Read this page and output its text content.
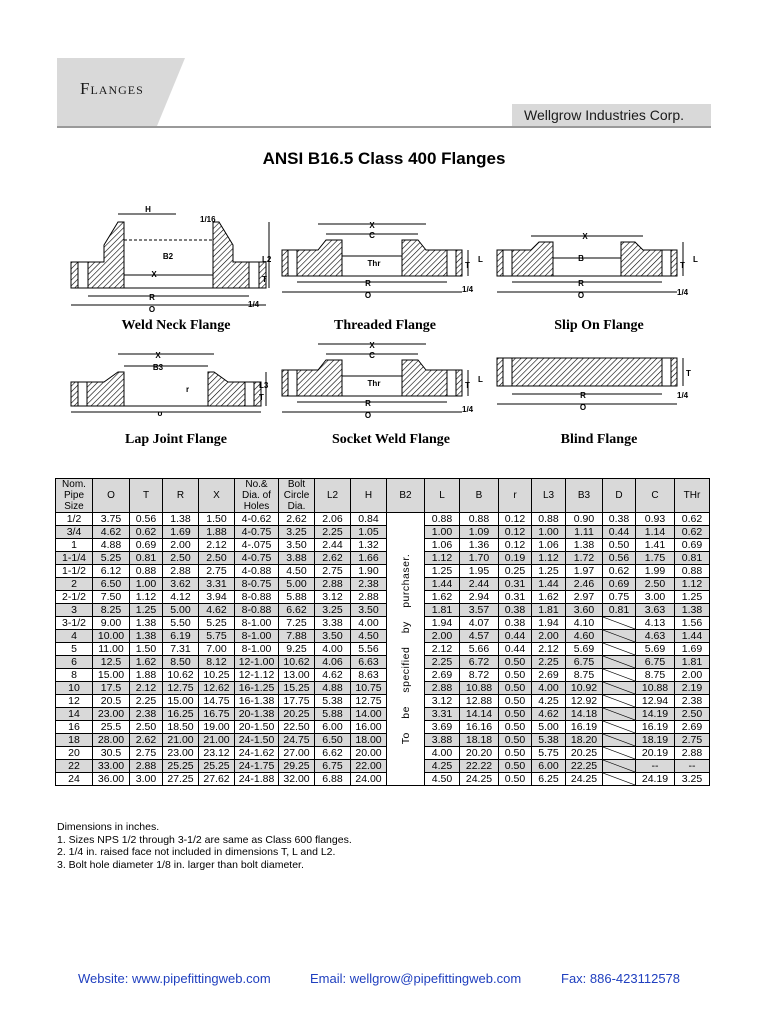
Flanges
Wellgrow Industries Corp.
ANSI B16.5 Class 400 Flanges
H
1/16
B2
X
L2
T
R
O
1/4
Weld Neck Flange
X
C
Thr	T
L
R
O
1/4
Threaded Flange
X
B
T
L
R
O	1/4
Slip On Flange
X
B3
r	L3
T
o
Lap Joint Flange
X
C
Thr	T
L
R
O
1/4
Socket Weld Flange
T
R
O
1/4
Blind Flange
Nom. Pipe Size	O	T	R	X	No.& Dia. of Holes	Bolt Circle Dia.	L2	H	B2	L	B	r	L3	B3	D	C	THr
1/2	3.75	0.56	1.38	1.50	4-0.62	2.62	2.06	0.84	To be specified by purchaser.	0.88	0.88	0.12	0.88	0.90	0.38	0.93	0.62
3/4	4.62	0.62	1.69	1.88	4-0.75	3.25	2.25	1.05		1.00	1.09	0.12	1.00	1.11	0.44	1.14	0.62
1	4.88	0.69	2.00	2.12	4-.075	3.50	2.44	1.32		1.06	1.36	0.12	1.06	1.38	0.50	1.41	0.69
1-1/4	5.25	0.81	2.50	2.50	4-0.75	3.88	2.62	1.66		1.12	1.70	0.19	1.12	1.72	0.56	1.75	0.81
1-1/2	6.12	0.88	2.88	2.75	4-0.88	4.50	2.75	1.90		1.25	1.95	0.25	1.25	1.97	0.62	1.99	0.88
2	6.50	1.00	3.62	3.31	8-0.75	5.00	2.88	2.38		1.44	2.44	0.31	1.44	2.46	0.69	2.50	1.12
2-1/2	7.50	1.12	4.12	3.94	8-0.88	5.88	3.12	2.88		1.62	2.94	0.31	1.62	2.97	0.75	3.00	1.25
3	8.25	1.25	5.00	4.62	8-0.88	6.62	3.25	3.50		1.81	3.57	0.38	1.81	3.60	0.81	3.63	1.38
3-1/2	9.00	1.38	5.50	5.25	8-1.00	7.25	3.38	4.00		1.94	4.07	0.38	1.94	4.10		4.13	1.56
4	10.00	1.38	6.19	5.75	8-1.00	7.88	3.50	4.50		2.00	4.57	0.44	2.00	4.60		4.63	1.44
5	11.00	1.50	7.31	7.00	8-1.00	9.25	4.00	5.56		2.12	5.66	0.44	2.12	5.69		5.69	1.69
6	12.5	1.62	8.50	8.12	12-1.00	10.62	4.06	6.63		2.25	6.72	0.50	2.25	6.75		6.75	1.81
8	15.00	1.88	10.62	10.25	12-1.12	13.00	4.62	8.63		2.69	8.72	0.50	2.69	8.75		8.75	2.00
10	17.5	2.12	12.75	12.62	16-1.25	15.25	4.88	10.75		2.88	10.88	0.50	4.00	10.92		10.88	2.19
12	20.5	2.25	15.00	14.75	16-1.38	17.75	5.38	12.75		3.12	12.88	0.50	4.25	12.92		12.94	2.38
14	23.00	2.38	16.25	16.75	20-1.38	20.25	5.88	14.00		3.31	14.14	0.50	4.62	14.18		14.19	2.50
16	25.5	2.50	18.50	19.00	20-1.50	22.50	6.00	16.00		3.69	16.16	0.50	5.00	16.19		16.19	2.69
18	28.00	2.62	21.00	21.00	24-1.50	24.75	6.50	18.00		3.88	18.18	0.50	5.38	18.20		18.19	2.75
20	30.5	2.75	23.00	23.12	24-1.62	27.00	6.62	20.00		4.00	20.20	0.50	5.75	20.25		20.19	2.88
22	33.00	2.88	25.25	25.25	24-1.75	29.25	6.75	22.00		4.25	22.22	0.50	6.00	22.25		--	--
24	36.00	3.00	27.25	27.62	24-1.88	32.00	6.88	24.00		4.50	24.25	0.50	6.25	24.25		24.19	3.25
Dimensions in inches.
1. Sizes NPS 1/2 through 3-1/2 are same as Class 600 flanges.
2. 1/4 in. raised face not included in dimensions T, L and L2.
3. Bolt hole diameter 1/8 in. larger than bolt diameter.
Website: www.pipefittingweb.com	Email: wellgrow@pipefittingweb.com	Fax: 886-423112578
